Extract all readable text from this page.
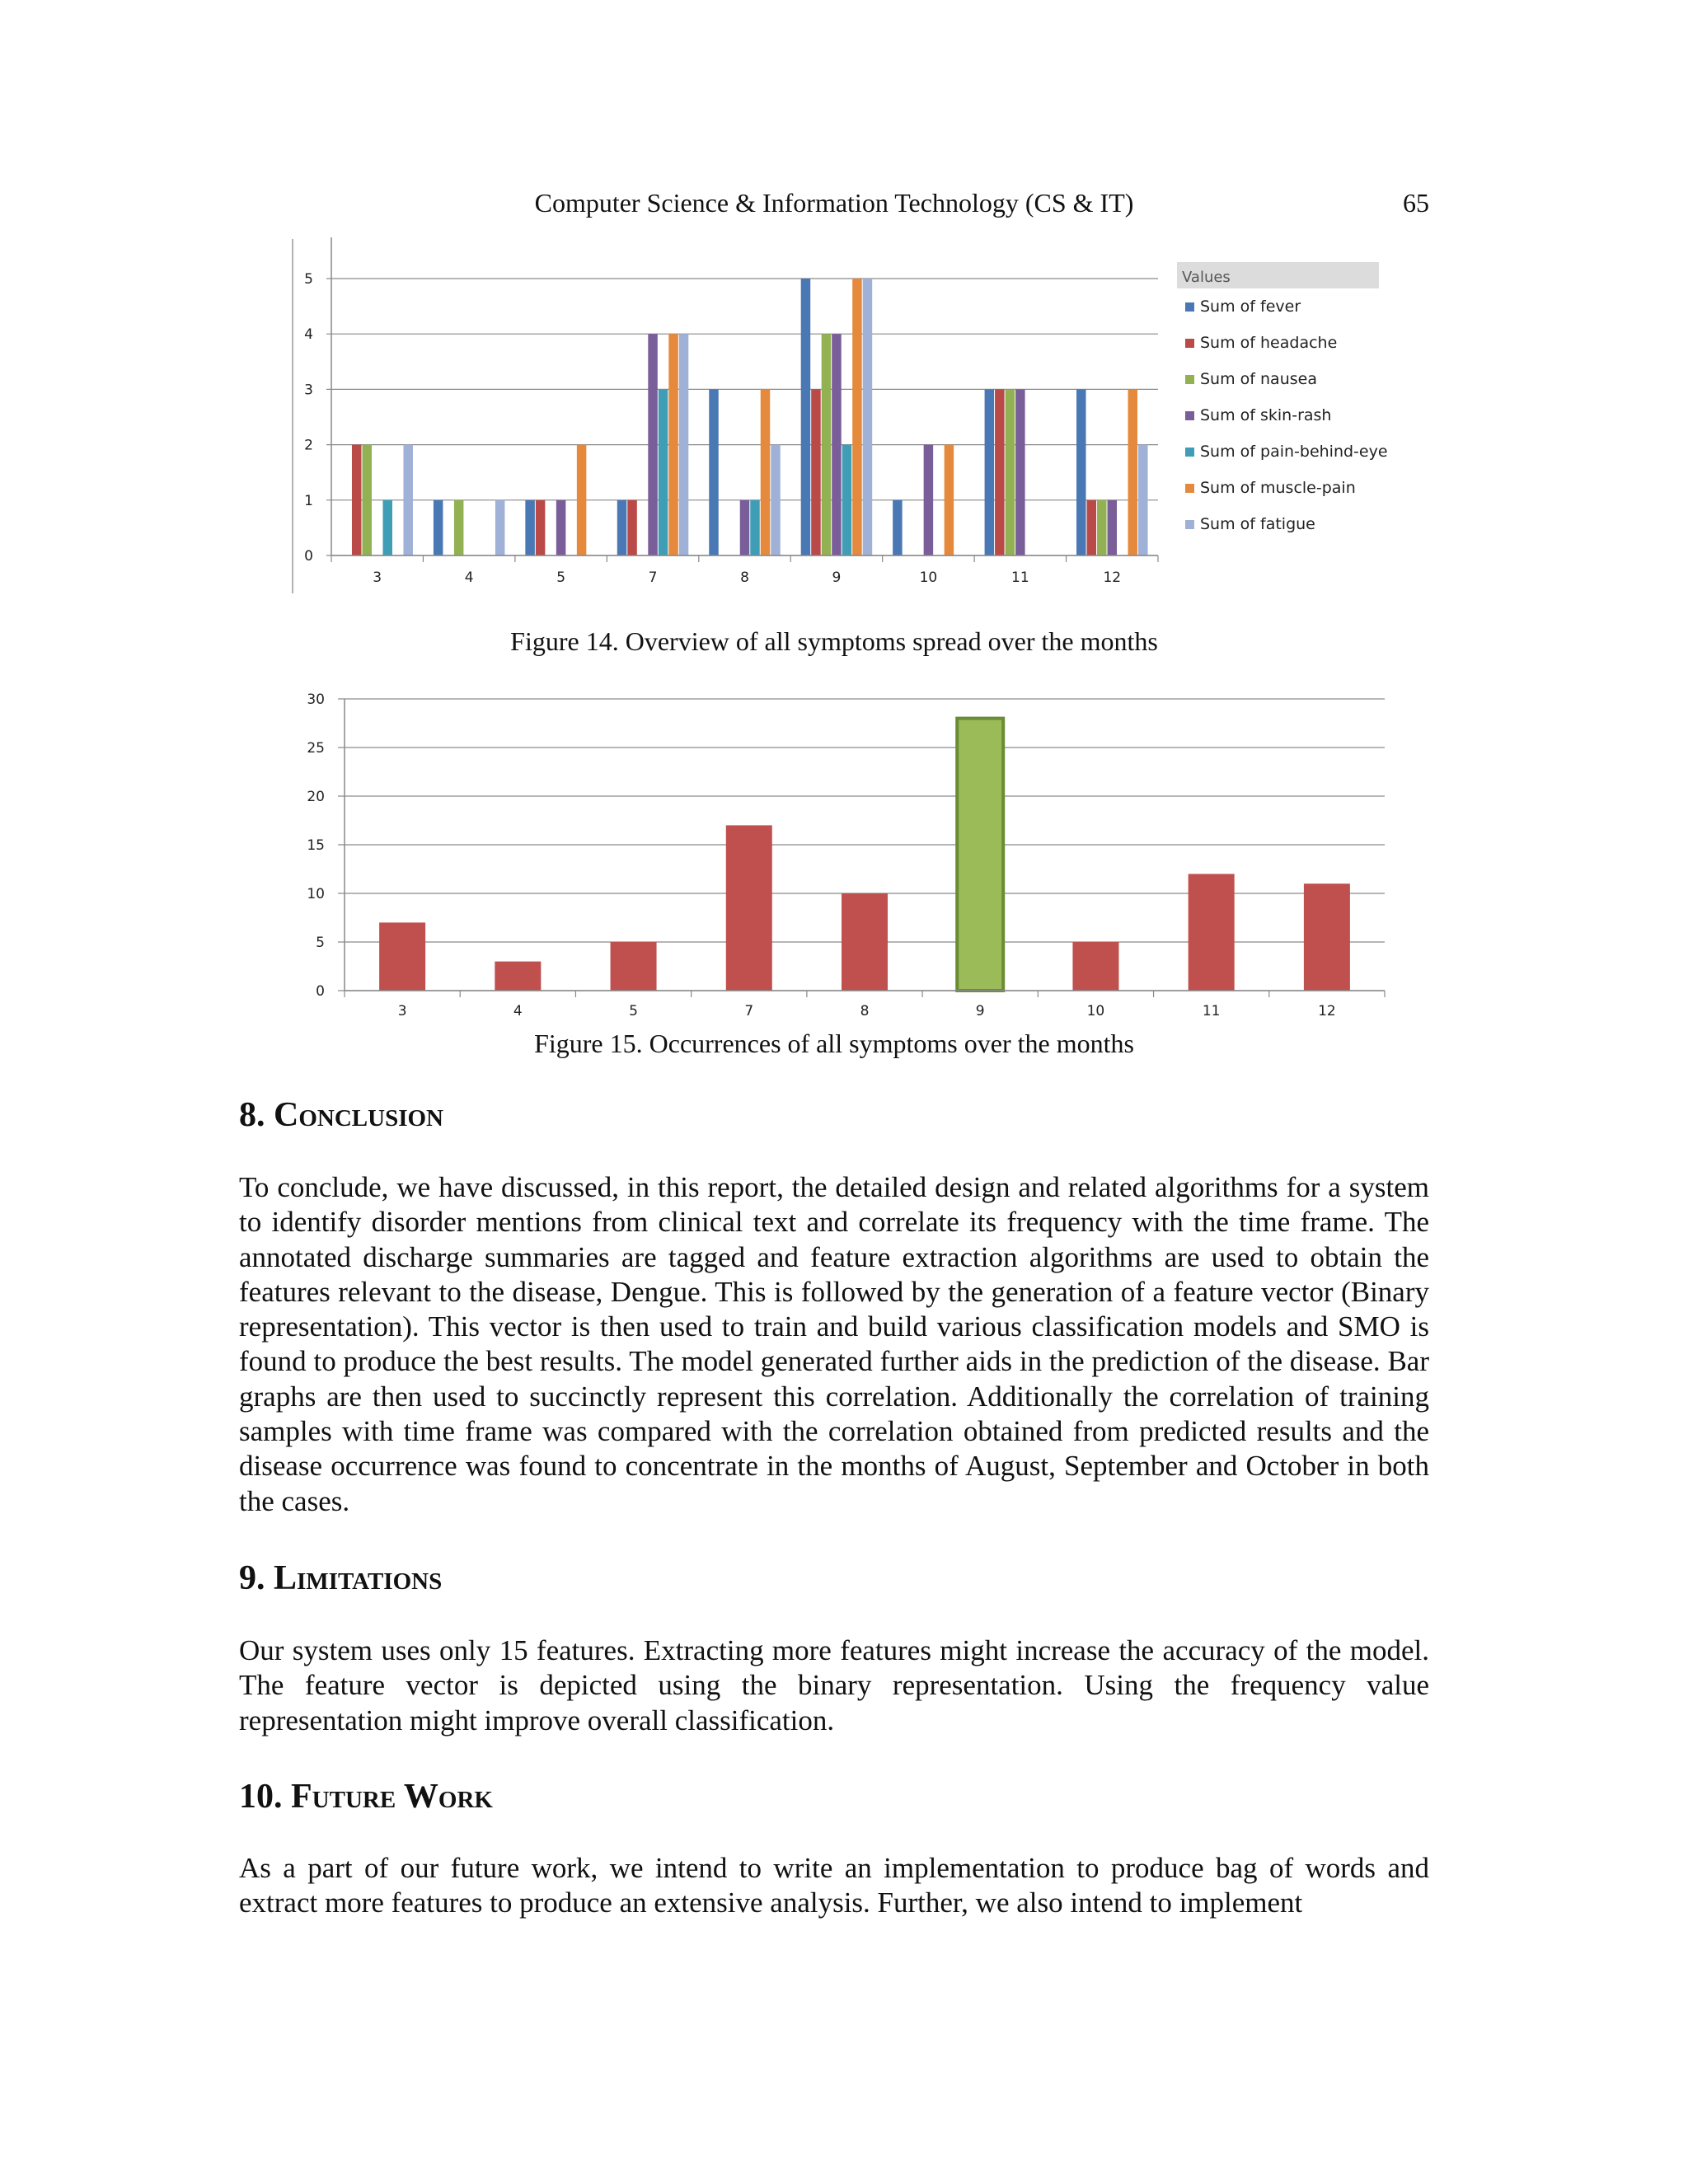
Computer Science & Information Technology (CS & IT)	65
0
1
2
3
4
5
3	4	5	7	8	9	10	11	12
Values
Sum of fever
Sum of headache
Sum of nausea
Sum of skin-rash
Sum of pain-behind-eye
Sum of muscle-pain
Sum of fatigue
Figure 14. Overview of all symptoms spread over the months
0
5
10
15
20
25
30
3	4	5	7	8	9	10	11	12
Figure 15. Occurrences of all symptoms over the months
8. Conclusion

To conclude, we have discussed, in this report, the detailed design and related algorithms for a system to identify disorder mentions from clinical text and correlate its frequency with the time frame. The annotated discharge summaries are tagged and feature extraction algorithms are used to obtain the features relevant to the disease, Dengue. This is followed by the generation of a feature vector (Binary representation). This vector is then used to train and build various classification models and SMO is found to produce the best results. The model generated further aids in the prediction of the disease. Bar graphs are then used to succinctly represent this correlation. Additionally the correlation of training samples with time frame was compared with the correlation obtained from predicted results and the disease occurrence was found to concentrate in the months of August, September and October in both the cases.

9. Limitations

Our system uses only 15 features. Extracting more features might increase the accuracy of the model. The feature vector is depicted using the binary representation. Using the frequency value representation might improve overall classification.

10. Future Work

As a part of our future work, we intend to write an implementation to produce bag of words and extract more features to produce an extensive analysis. Further, we also intend to implement
